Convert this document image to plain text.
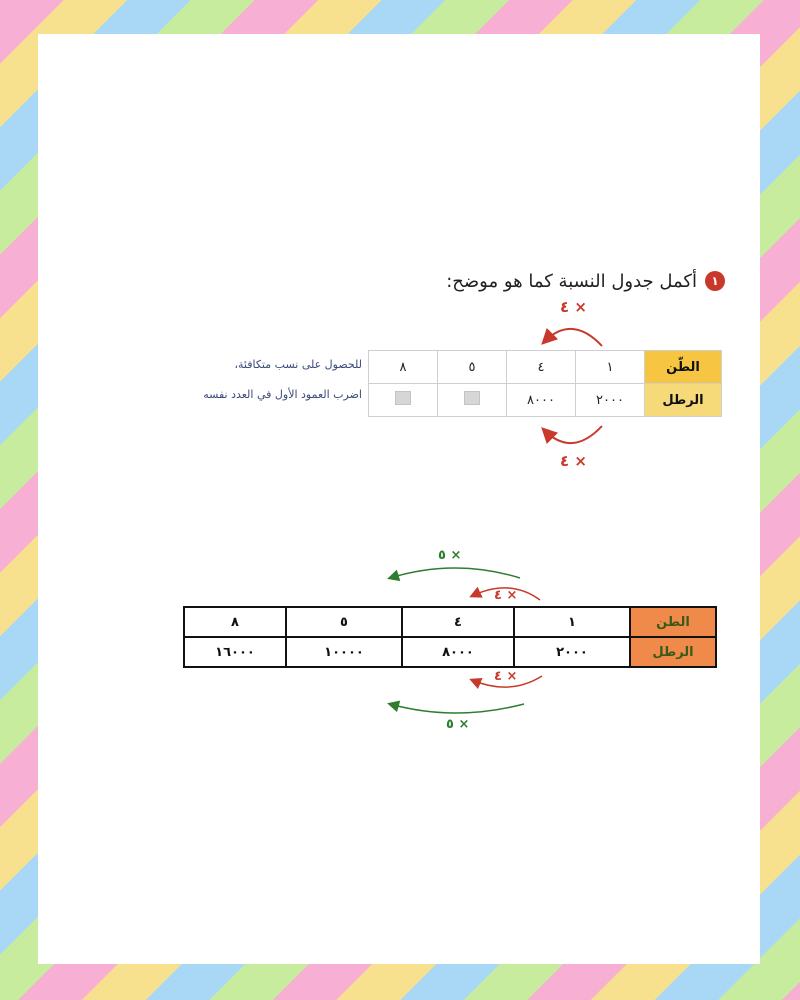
١
أكمل جدول النسبة كما هو موضح:
الطّن	١	٤	٥	٨
الرطل	٢٠٠٠	٨٠٠٠		

للحصول على نسب متكافئة،

اضرب العمود الأول في العدد نفسه

الطن	١	٤	٥	٨
الرطل	٢٠٠٠	٨٠٠٠	١٠٠٠٠	١٦٠٠٠
× ٤
× ٤
× ٥
× ٤
× ٤
× ٥
